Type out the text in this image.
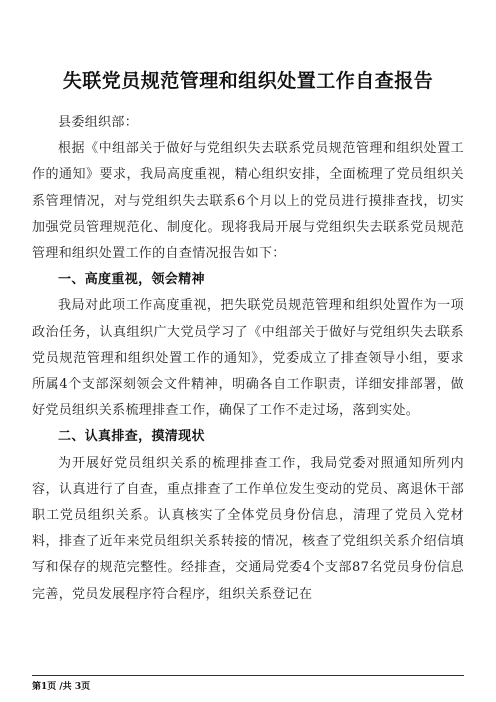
失联党员规范管理和组织处置工作自查报告

县委组织部：

根据《中组部关于做好与党组织失去联系党员规范管理和组织处置工作的通知》要求，我局高度重视，精心组织安排，全面梳理了党员组织关系管理情况，对与党组织失去联系6个月以上的党员进行摸排查找，切实加强党员管理规范化、制度化。现将我局开展与党组织失去联系党员规范管理和组织处置工作的自查情况报告如下：

一、高度重视，领会精神

我局对此项工作高度重视，把失联党员规范管理和组织处置作为一项政治任务，认真组织广大党员学习了《中组部关于做好与党组织失去联系党员规范管理和组织处置工作的通知》，党委成立了排查领导小组，要求所属4个支部深刻领会文件精神，明确各自工作职责，详细安排部署，做好党员组织关系梳理排查工作，确保了工作不走过场，落到实处。

二、认真排查，摸清现状

为开展好党员组织关系的梳理排查工作，我局党委对照通知所列内容，认真进行了自查，重点排查了工作单位发生变动的党员、离退休干部职工党员组织关系。认真核实了全体党员身份信息，清理了党员入党材料，排查了近年来党员组织关系转接的情况，核查了党组织关系介绍信填写和保存的规范完整性。经排查，交通局党委4个支部87名党员身份信息完善，党员发展程序符合程序，组织关系登记在

第1页 /共 3页
